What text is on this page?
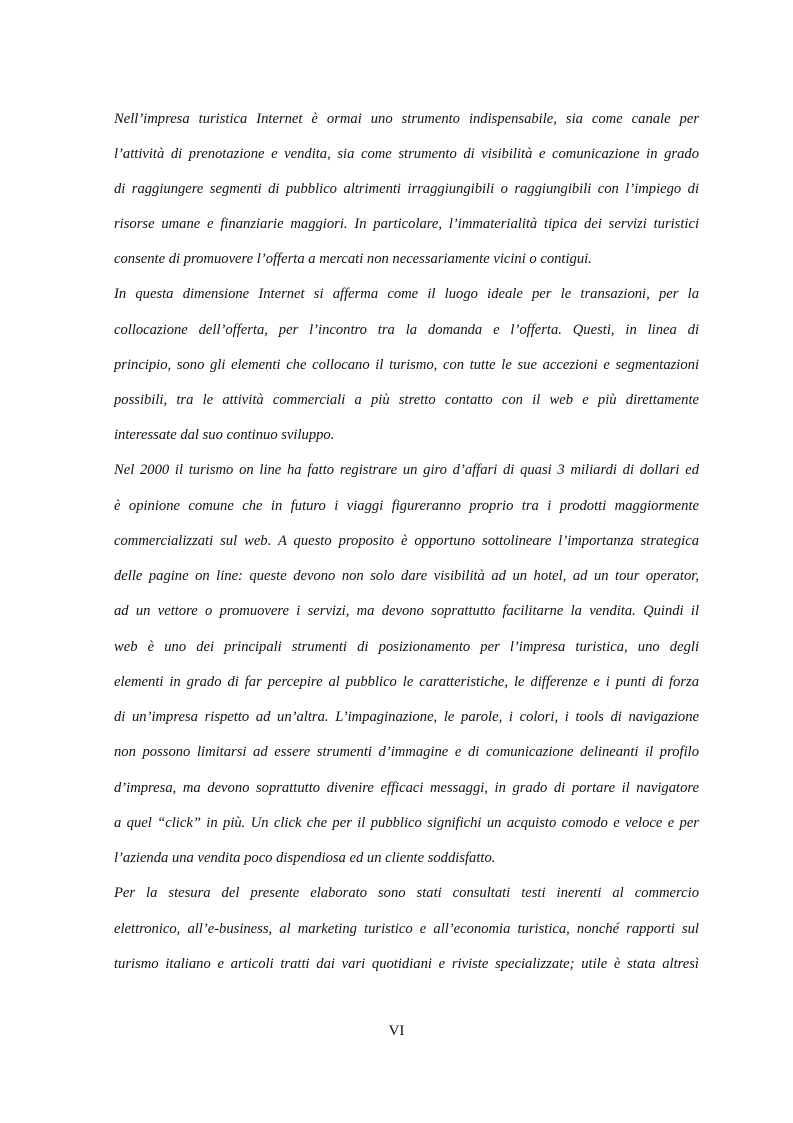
Nell’impresa turistica Internet è ormai uno strumento indispensabile, sia come canale per
l’attività di prenotazione e vendita, sia come strumento di visibilità e comunicazione in grado
di raggiungere segmenti di pubblico altrimenti irraggiungibili o raggiungibili con l’impiego di
risorse umane e finanziarie maggiori. In particolare, l’immaterialità tipica dei servizi turistici
consente di promuovere l’offerta a mercati non necessariamente vicini o contigui.
In questa dimensione Internet si afferma come il luogo ideale per le transazioni, per la
collocazione dell’offerta, per l’incontro tra la domanda e l’offerta. Questi, in linea di
principio, sono gli elementi che collocano il turismo, con tutte le sue accezioni e segmentazioni
possibili, tra le attività commerciali a più stretto contatto con il web e più direttamente
interessate dal suo continuo sviluppo.
Nel 2000 il turismo on line ha fatto registrare un giro d’affari di quasi 3 miliardi di dollari ed
è opinione comune che in futuro i viaggi figureranno proprio tra i prodotti maggiormente
commercializzati sul web. A questo proposito è opportuno sottolineare l’importanza strategica
delle pagine on line: queste devono non solo dare visibilità ad un hotel, ad un tour operator,
ad un vettore o promuovere i servizi, ma devono soprattutto facilitarne la vendita. Quindi il
web è uno dei principali strumenti di posizionamento per l’impresa turistica, uno degli
elementi in grado di far percepire al pubblico le caratteristiche, le differenze e i punti di forza
di un’impresa rispetto ad un’altra. L’impaginazione, le parole, i colori, i tools di navigazione
non possono limitarsi ad essere strumenti d’immagine e di comunicazione delineanti il profilo
d’impresa, ma devono soprattutto divenire efficaci messaggi, in grado di portare il navigatore
a quel “click” in più. Un click che per il pubblico significhi un acquisto comodo e veloce e per
l’azienda una vendita poco dispendiosa ed un cliente soddisfatto.
Per la stesura del presente elaborato sono stati consultati testi inerenti al commercio
elettronico, all’e-business, al marketing turistico e all’economia turistica, nonché rapporti sul
turismo italiano e articoli tratti dai vari quotidiani e riviste specializzate; utile è stata altresì
VI
